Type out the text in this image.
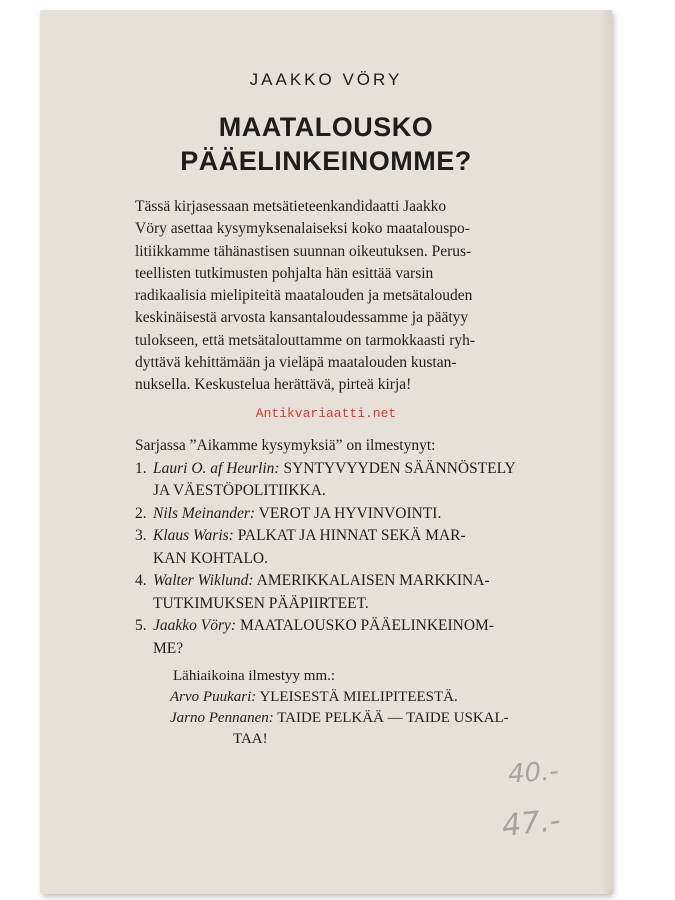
JAAKKO VÖRY
MAATALOUSKO
PÄÄELINKEINOMME?
Tässä kirjasessaan metsätieteenkandidaatti Jaakko
Vöry asettaa kysymyksenalaiseksi koko maatalouspo-
litiikkamme tähänastisen suunnan oikeutuksen. Perus-
teellisten tutkimusten pohjalta hän esittää varsin
radikaalisia mielipiteitä maatalouden ja metsätalouden
keskinäisestä arvosta kansantaloudessamme ja päätyy
tulokseen, että metsätalouttamme on tarmokkaasti ryh-
dyttävä kehittämään ja vieläpä maatalouden kustan-
nuksella. Keskustelua herättävä, pirteä kirja!
Antikvariaatti.net
Sarjassa ”Aikamme kysymyksiä” on ilmestynyt:
1. Lauri O. af Heurlin: SYNTYVYYDEN SÄÄNNÖSTELY
JA VÄESTÖPOLITIIKKA.
2. Nils Meinander: VEROT JA HYVINVOINTI.
3. Klaus Waris: PALKAT JA HINNAT SEKÄ MAR-
KAN KOHTALO.
4. Walter Wiklund: AMERIKKALAISEN MARKKINA-
TUTKIMUKSEN PÄÄPIIRTEET.
5. Jaakko Vöry: MAATALOUSKO PÄÄELINKEINOM-
ME?
Lähiaikoina ilmestyy mm.:
Arvo Puukari: YLEISESTÄ MIELIPITEESTÄ.
Jarno Pennanen: TAIDE PELKÄÄ — TAIDE USKAL-
TAA!
40.-
47.-
